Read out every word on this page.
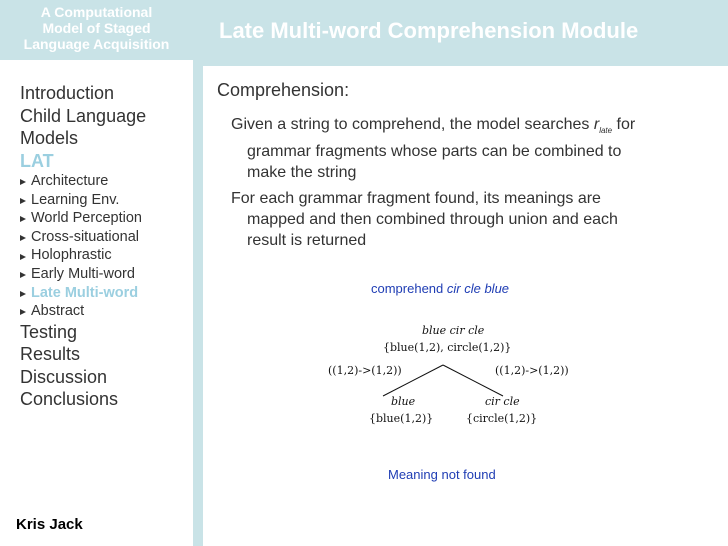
A Computational
Model of Staged
Language Acquisition
Introduction
Child Language
Models
LAT
Architecture
Learning Env.
World Perception
Cross-situational
Holophrastic
Early Multi-word
Late Multi-word
Abstract
Testing
Results
Discussion
Conclusions
Kris Jack
Late Multi-word Comprehension Module
Comprehension:
Given a string to comprehend, the model searches $r_{late}$ for
grammar fragments whose parts can be combined to
make the string
For each grammar fragment found, its meanings are
mapped and then combined through union and each
result is returned
comprehend cir cle blue
blue cir cle
{blue(1,2), circle(1,2)}
((1,2)->(1,2))	((1,2)->(1,2))
blue
{blue(1,2)}
cir cle
{circle(1,2)}
Meaning not found
